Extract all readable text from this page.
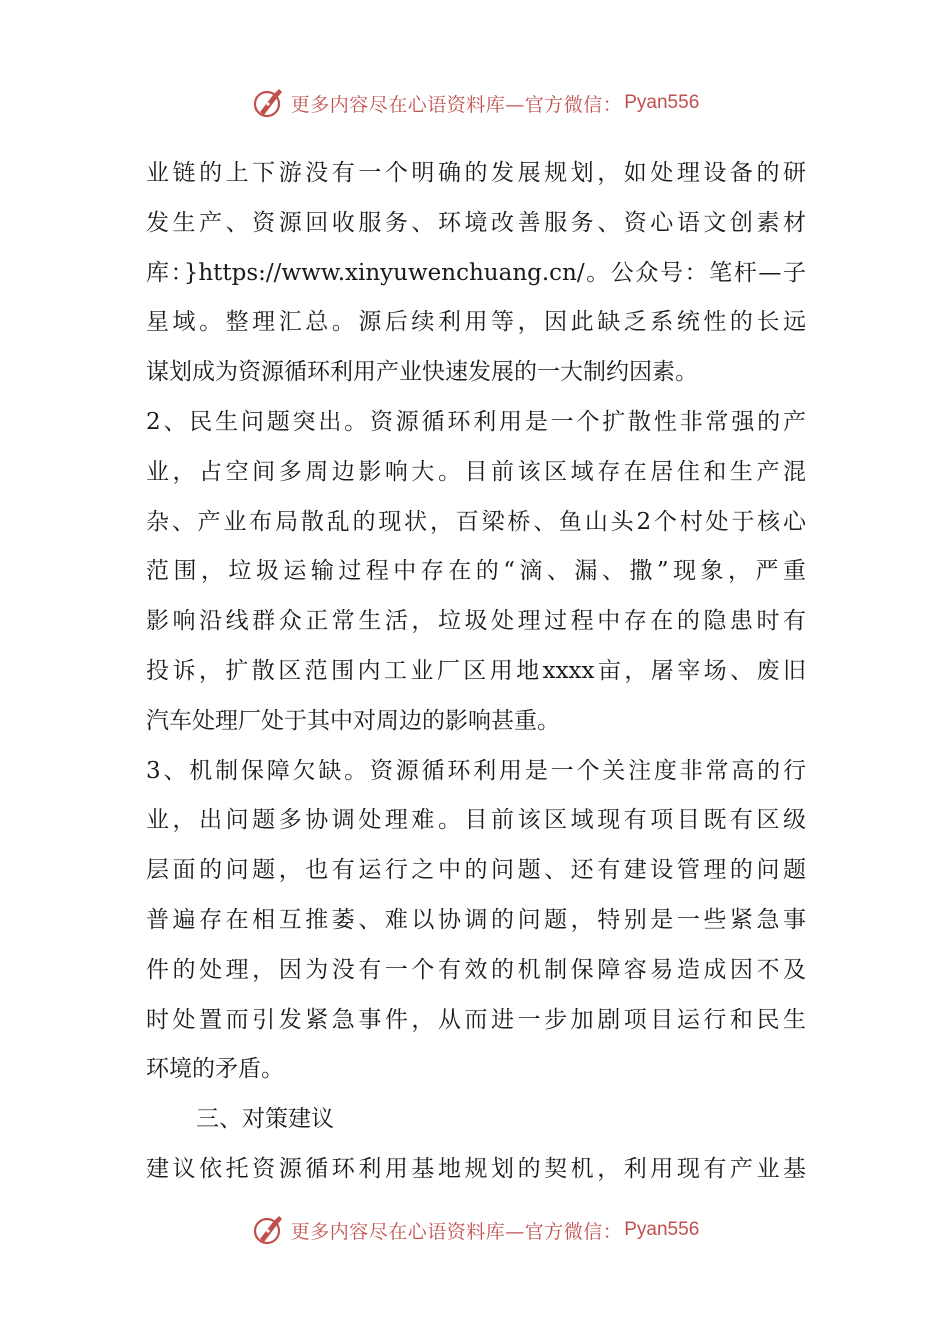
更多内容尽在心语资料库—官方微信： Pyan556
业链的上下游没有一个明确的发展规划，如处理设备的研
发生产、资源回收服务、环境改善服务、资心语文创素材
库：}https://www.xinyuwenchuang.cn/。公众号：笔杆—子
星域。整理汇总。源后续利用等，因此缺乏系统性的长远
谋划成为资源循环利用产业快速发展的一大制约因素。
2、民生问题突出。资源循环利用是一个扩散性非常强的产
业，占空间多周边影响大。目前该区域存在居住和生产混
杂、产业布局散乱的现状，百梁桥、鱼山头2个村处于核心
范围，垃圾运输过程中存在的“滴、漏、撒”现象，严重
影响沿线群众正常生活，垃圾处理过程中存在的隐患时有
投诉，扩散区范围内工业厂区用地xxxx亩，屠宰场、废旧
汽车处理厂处于其中对周边的影响甚重。
3、机制保障欠缺。资源循环利用是一个关注度非常高的行
业，出问题多协调处理难。目前该区域现有项目既有区级
层面的问题，也有运行之中的问题、还有建设管理的问题
普遍存在相互推萎、难以协调的问题，特别是一些紧急事
件的处理，因为没有一个有效的机制保障容易造成因不及
时处置而引发紧急事件，从而进一步加剧项目运行和民生
环境的矛盾。
三、对策建议
建议依托资源循环利用基地规划的契机，利用现有产业基
更多内容尽在心语资料库—官方微信： Pyan556
